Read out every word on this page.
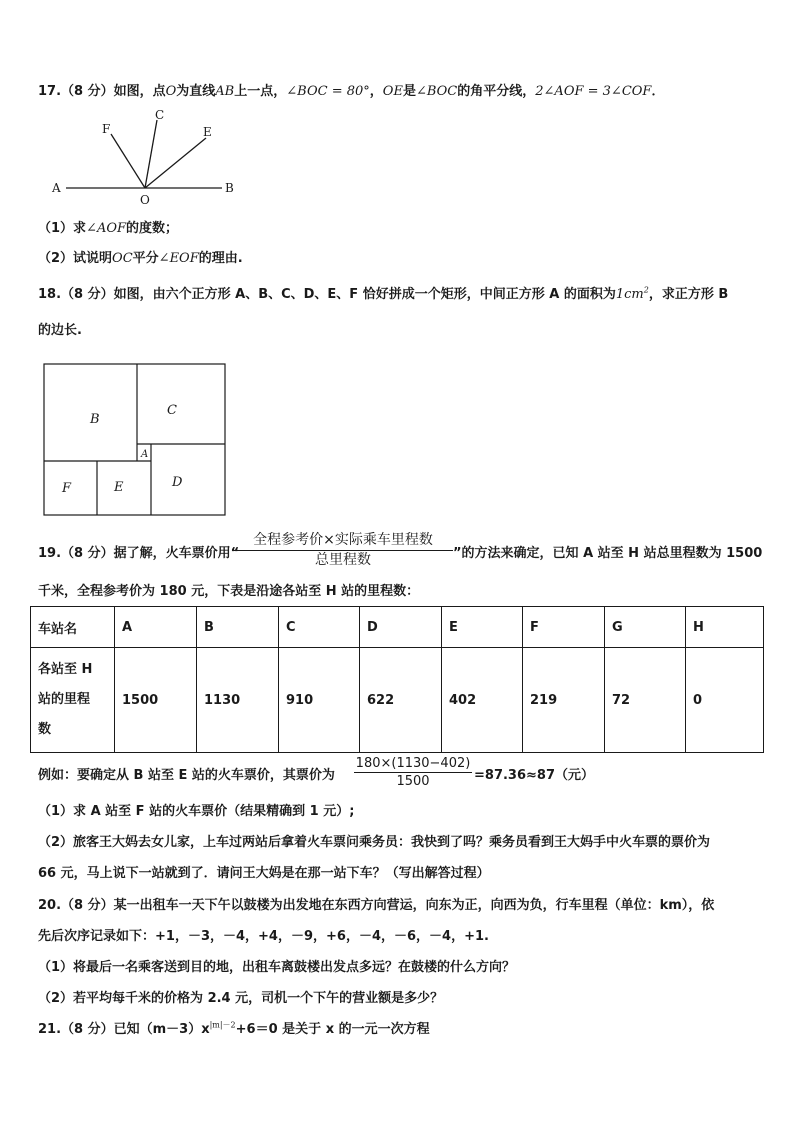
17.（8 分）如图，点O为直线AB上一点，∠BOC = 80°，OE是∠BOC的角平分线，2∠AOF = 3∠COF．
A	B
O
F
C
E
（1）求∠AOF的度数；
（2）试说明OC平分∠EOF的理由.
18.（8 分）如图，由六个正方形 A、B、C、D、E、F 恰好拼成一个矩形，中间正方形 A 的面积为$1cm^2$，求正方形 B
的边长.
B
C
A
D
E
F
19.（8 分）据了解，火车票价用“
全程参考价×实际乘车里程数
总里程数	”的方法来确定，已知 A 站至 H 站总里程数为 1500
千米，全程参考价为 180 元，下表是沿途各站至 H 站的里程数：
车站名	A	B	C	D	E	F	G	H

各站至 H 站的里程数	1500	1130	910	622	402	219	72	0
例如：要确定从 B 站至 E 站的火车票价，其票价为 $\frac{180\times(1130-402)}{1500} =87.36\approx 87$（元）
（1）求 A 站至 F 站的火车票价（结果精确到 1 元）;
（2）旅客王大妈去女儿家，上车过两站后拿着火车票问乘务员：我快到了吗？乘务员看到王大妈手中火车票的票价为
66 元，马上说下一站就到了．请问王大妈是在那一站下车？（写出解答过程）
20.（8 分）某一出租车一天下午以鼓楼为出发地在东西方向营运，向东为正，向西为负，行车里程（单位：km），依
先后次序记录如下：+1，－3，－4，+4，－9，+6，－4，－6，－4，+1.
（1）将最后一名乘客送到目的地，出租车离鼓楼出发点多远？在鼓楼的什么方向？
（2）若平均每千米的价格为 2.4 元，司机一个下午的营业额是多少？
21.（8 分）已知$(m-3)x^{|m|-2}+6=0$ 是关于 x 的一元一次方程
